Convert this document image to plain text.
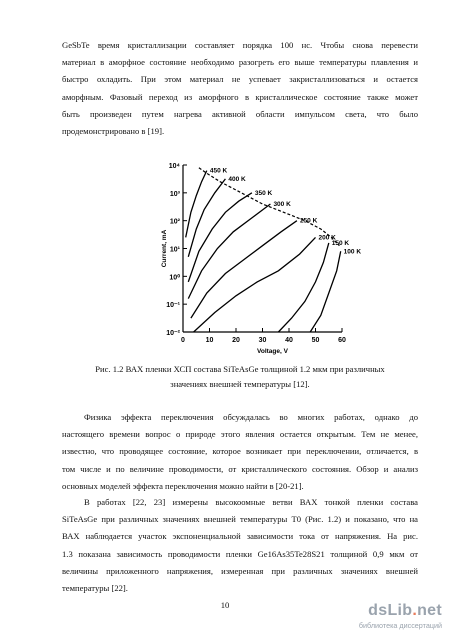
GeSbTe время кристаллизации составляет порядка 100 нс. Чтобы снова перевести
материал в аморфное состояние необходимо разогреть его выше температуры плавления и
быстро охладить. При этом материал не успевает закристаллизоваться и остается
аморфным. Фазовый переход из аморфного в кристаллическое состояние также может
быть произведен путем нагрева активной области импульсом света, что было
продемонстрировано в [19].
0	10	20	30	40	50	60
10⁻²
10⁻¹
10⁰
10¹
10²
10³
10⁴
Voltage, V
Current, mA
450 K
400 K
350 K
300 K
250 K
200 K
150 K
100 K
Рис. 1.2 ВАХ пленки ХСП состава SiTeAsGe толщиной 1.2 мкм при различных
значениях внешней температуры [12].
Физика эффекта переключения обсуждалась во многих работах, однако до
настоящего времени вопрос о природе этого явления остается открытым. Тем не менее,
известно, что проводящее состояние, которое возникает при переключении, отличается, в
том числе и по величине проводимости, от кристаллического состояния. Обзор и анализ
основных моделей эффекта переключения можно найти в [20-21].
В работах [22, 23] измерены высокоомные ветви ВАХ тонкой пленки состава
SiTeAsGe при различных значениях внешней температуры T0 (Рис. 1.2) и показано, что на
ВАХ наблюдается участок экспоненциальной зависимости тока от напряжения. На рис.
1.3 показана зависимость проводимости пленки Ge16As35Te28S21 толщиной 0,9 мкм от
величины приложенного напряжения, измеренная при различных значениях внешней
температуры [22].
10	dsLib.net
библиотека диссертаций
